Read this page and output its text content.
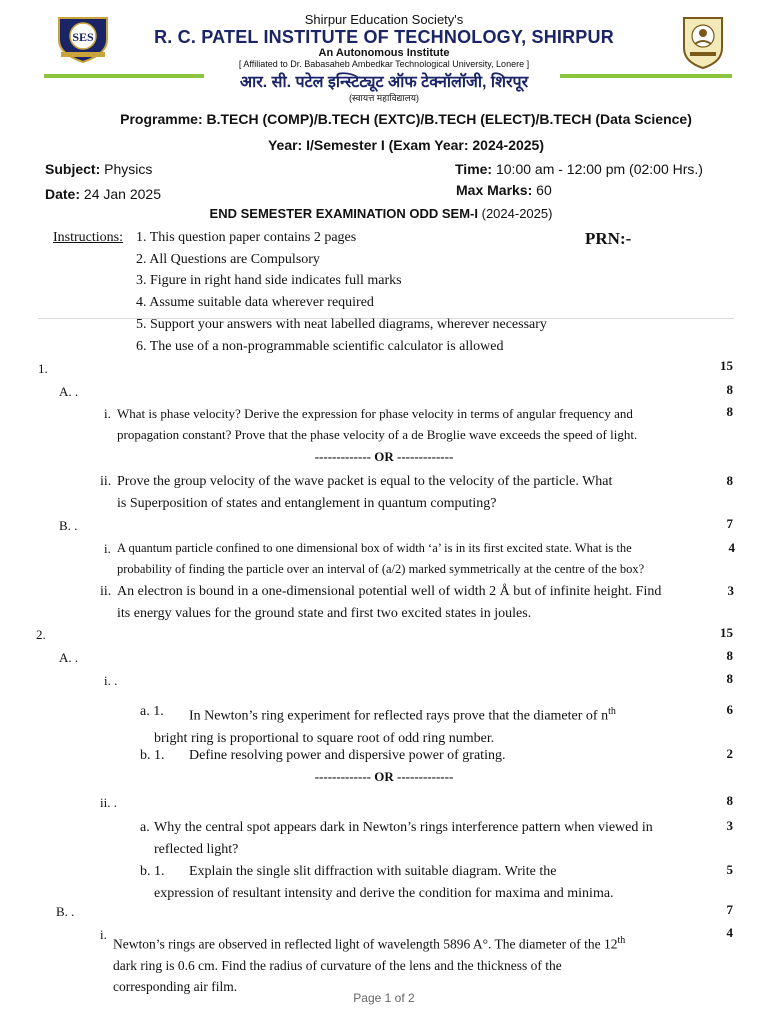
SES
Shirpur Education Society's
R. C. PATEL INSTITUTE OF TECHNOLOGY, SHIRPUR
An Autonomous Institute
[ Affiliated to Dr. Babasaheb Ambedkar Technological University, Lonere ]
आर. सी. पटेल इन्स्टिट्यूट ऑफ टेक्नॉलॉजी, शिरपूर
(स्वायत्त महाविद्यालय)
Programme: B.TECH (COMP)/B.TECH (EXTC)/B.TECH (ELECT)/B.TECH (Data Science)
Year: I/Semester I (Exam Year: 2024-2025)
Subject: Physics
Date: 24 Jan 2025
Time: 10:00 am - 12:00 pm (02:00 Hrs.)
Max Marks: 60
END SEMESTER EXAMINATION ODD SEM-I (2024-2025)
Instructions: 1. This question paper contains 2 pages
2. All Questions are Compulsory
3. Figure in right hand side indicates full marks
4. Assume suitable data wherever required
5. Support your answers with neat labelled diagrams, wherever necessary
6. The use of a non-programmable scientific calculator is allowed
PRN:-
1.	15
A. .	8
i. What is phase velocity? Derive the expression for phase velocity in terms of angular frequency and
propagation constant? Prove that the phase velocity of a de Broglie wave exceeds the speed of light.
8
------------- OR -------------
ii. Prove the group velocity of the wave packet is equal to the velocity of the particle. What
is Superposition of states and entanglement in quantum computing?
8
B. .	7
i. A quantum particle confined to one dimensional box of width ‘a’ is in its first excited state. What is the
probability of finding the particle over an interval of (a/2) marked symmetrically at the centre of the box?
4
ii. An electron is bound in a one-dimensional potential well of width 2 Å but of infinite height. Find
its energy values for the ground state and first two excited states in joules.
3
2.	15
A. .	8
i. .	8
a. 1.	In Newton’s ring experiment for reflected rays prove that the diameter of $n^{th}$
bright ring is proportional to square root of odd ring number.
6
b. 1. Define resolving power and dispersive power of grating.	2
------------- OR -------------
ii. .	8
a. Why the central spot appears dark in Newton’s rings interference pattern when viewed in
reflected light?
3
b. 1.	Explain the single slit diffraction with suitable diagram. Write the
expression of resultant intensity and derive the condition for maxima and minima.
5
B. .	7
i.
Newton’s rings are observed in reflected light of wavelength 5896 A°. The diameter of the 12th
dark ring is 0.6 cm. Find the radius of curvature of the lens and the thickness of the
corresponding air film.
4
Page 1 of 2
